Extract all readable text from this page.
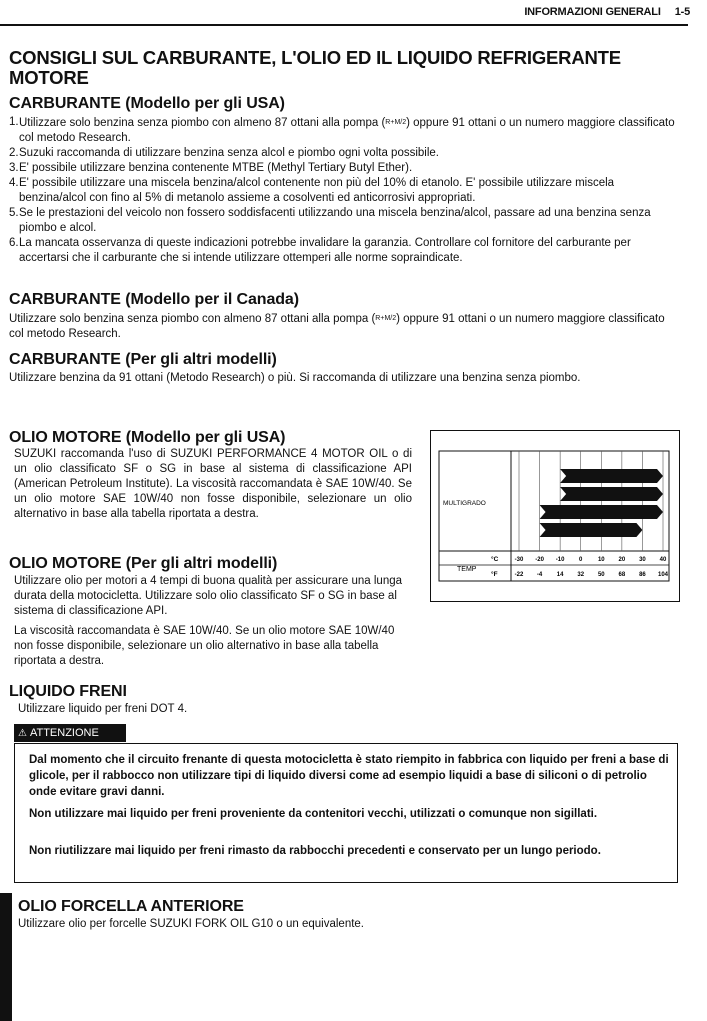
INFORMAZIONI GENERALI 1-5
CONSIGLI SUL CARBURANTE, L'OLIO ED IL LIQUIDO REFRIGERANTE MOTORE
CARBURANTE (Modello per gli USA)
1. Utilizzare solo benzina senza piombo con almeno 87 ottani alla pompa (R+M/2) oppure 91 ottani o un numero maggiore classificato col metodo Research.
2. Suzuki raccomanda di utilizzare benzina senza alcol e piombo ogni volta possibile.
3. E' possibile utilizzare benzina contenente MTBE (Methyl Tertiary Butyl Ether).
4. E' possibile utilizzare una miscela benzina/alcol contenente non più del 10% di etanolo. E' possibile utilizzare miscela benzina/alcol con fino al 5% di metanolo assieme a cosolventi ed anticorrosivi appropriati.
5. Se le prestazioni del veicolo non fossero soddisfacenti utilizzando una miscela benzina/alcol, passare ad una benzina senza piombo e alcol.
6. La mancata osservanza di queste indicazioni potrebbe invalidare la garanzia. Controllare col fornitore del carburante per accertarsi che il carburante che si intende utilizzare ottemperi alle norme sopraindicate.
CARBURANTE (Modello per il Canada)

Utilizzare solo benzina senza piombo con almeno 87 ottani alla pompa (R+M/2) oppure 91 ottani o un numero maggiore classificato col metodo Research.

CARBURANTE (Per gli altri modelli)

Utilizzare benzina da 91 ottani (Metodo Research) o più. Si raccomanda di utilizzare una benzina senza piombo.

OLIO MOTORE (Modello per gli USA)

SUZUKI raccomanda l'uso di SUZUKI PERFORMANCE 4 MOTOR OIL o di un olio classificato SF o SG in base al sistema di classificazione API (American Petroleum Institute). La viscosità raccomandata è SAE 10W/40. Se un olio motore SAE 10W/40 non fosse disponibile, selezionare un olio alternativo in base alla tabella riportata a destra.

OLIO MOTORE (Per gli altri modelli)

Utilizzare olio per motori a 4 tempi di buona qualità per assicurare una lunga durata della motocicletta. Utilizzare solo olio classificato SF o SG in base al sistema di classificazione API.

La viscosità raccomandata è SAE 10W/40. Se un olio motore SAE 10W/40 non fosse disponibile, selezionare un olio alternativo in base alla tabella riportata a destra.

MULTIGRADO
TEMP
°C
°F
-30
-22
-20
-4
-10
14
0
32
10
50
20
68
30
86
40
104
LIQUIDO FRENI

Utilizzare liquido per freni DOT 4.

⚠ ATTENZIONE

Dal momento che il circuito frenante di questa motocicletta è stato riempito in fabbrica con liquido per freni a base di glicole, per il rabbocco non utilizzare tipi di liquido diversi come ad esempio liquidi a base di siliconi o di petrolio onde evitare gravi danni.

Non utilizzare mai liquido per freni proveniente da contenitori vecchi, utilizzati o comunque non sigillati.

Non riutilizzare mai liquido per freni rimasto da rabbocchi precedenti e conservato per un lungo periodo.

OLIO FORCELLA ANTERIORE

Utilizzare olio per forcelle SUZUKI FORK OIL G10 o un equivalente.
